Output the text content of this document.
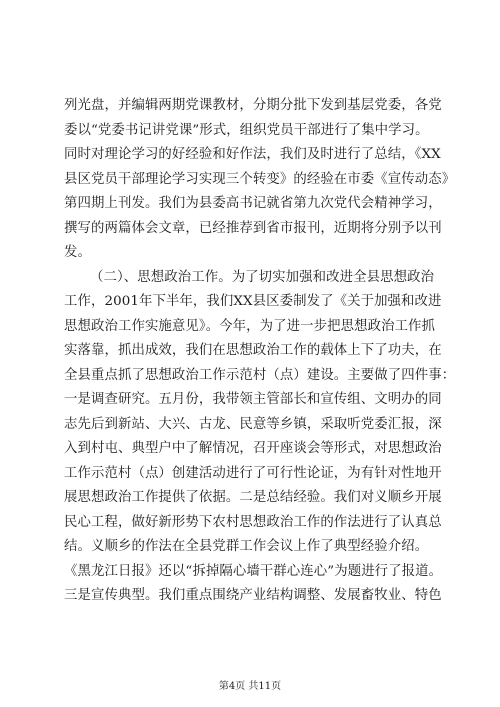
列光盘，并编辑两期党课教材，分期分批下发到基层党委，各党
委以“党委书记讲党课”形式，组织党员干部进行了集中学习。
同时对理论学习的好经验和好作法，我们及时进行了总结，《XX
县区党员干部理论学习实现三个转变》的经验在市委《宣传动态》
第四期上刊发。我们为县委高书记就省第九次党代会精神学习，
撰写的两篇体会文章，已经推荐到省市报刊，近期将分别予以刊
发。
（二）、思想政治工作。为了切实加强和改进全县思想政治
工作，2001年下半年，我们XX县区委制发了《关于加强和改进
思想政治工作实施意见》。今年，为了进一步把思想政治工作抓
实落靠，抓出成效，我们在思想政治工作的载体上下了功夫，在
全县重点抓了思想政治工作示范村（点）建设。主要做了四件事：
一是调查研究。五月份，我带领主管部长和宣传组、文明办的同
志先后到新站、大兴、古龙、民意等乡镇，采取听党委汇报，深
入到村屯、典型户中了解情况，召开座谈会等形式，对思想政治
工作示范村（点）创建活动进行了可行性论证，为有针对性地开
展思想政治工作提供了依据。二是总结经验。我们对义顺乡开展
民心工程，做好新形势下农村思想政治工作的作法进行了认真总
结。义顺乡的作法在全县党群工作会议上作了典型经验介绍。
《黑龙江日报》还以“拆掉隔心墙干群心连心”为题进行了报道。
三是宣传典型。我们重点围绕产业结构调整、发展畜牧业、特色
第4页 共11页
